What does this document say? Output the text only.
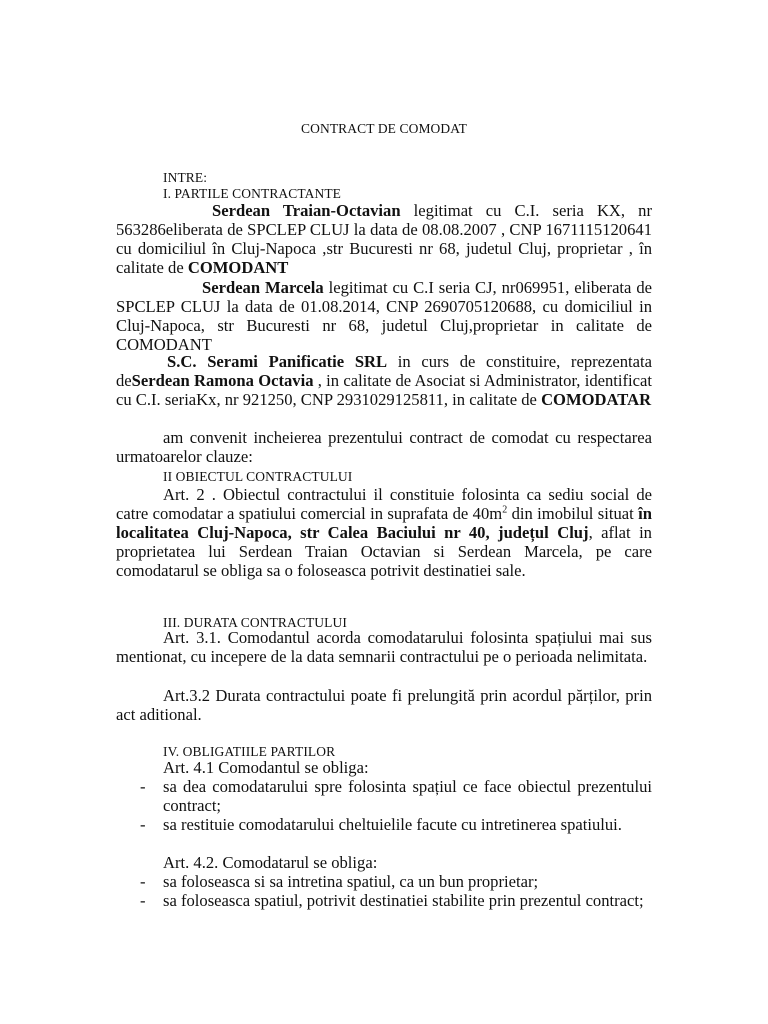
CONTRACT DE COMODAT
INTRE:
I. PARTILE CONTRACTANTE
Serdean Traian-Octavian legitimat cu C.I. seria KX, nr 563286eliberata de SPCLEP CLUJ la data de 08.08.2007 , CNP 1671115120641 cu domiciliul în Cluj-Napoca ,str Bucuresti nr 68, judetul Cluj, proprietar , în calitate de COMODANT
Serdean Marcela legitimat cu C.I seria CJ, nr069951, eliberata de SPCLEP CLUJ la data de 01.08.2014, CNP 2690705120688, cu domiciliul in Cluj-Napoca, str Bucuresti nr 68, judetul Cluj,proprietar in calitate de COMODANT
S.C. Serami Panificatie SRL in curs de constituire, reprezentata deSerdean Ramona Octavia , in calitate de Asociat si Administrator, identificat cu C.I. seriaKx, nr 921250, CNP 2931029125811, in calitate de COMODATAR
am convenit incheierea prezentului contract de comodat cu respectarea urmatoarelor clauze:
II OBIECTUL CONTRACTULUI
Art. 2 . Obiectul contractului il constituie folosinta ca sediu social de catre comodatar a spatiului comercial in suprafata de $40m^2$ din imobilul situat în localitatea Cluj-Napoca, str Calea Baciului nr 40, județul Cluj, aflat in proprietatea lui Serdean Traian Octavian si Serdean Marcela, pe care comodatarul se obliga sa o foloseasca potrivit destinatiei sale.
III. DURATA CONTRACTULUI
Art. 3.1. Comodantul acorda comodatarului folosinta spațiului mai sus mentionat, cu incepere de la data semnarii contractului pe o perioada nelimitata.
Art.3.2 Durata contractului poate fi prelungită prin acordul părților, prin act aditional.
IV. OBLIGATIILE PARTILOR
Art. 4.1 Comodantul se obliga:
- sa dea comodatarului spre folosinta spațiul ce face obiectul prezentului contract;
- sa restituie comodatarului cheltuielile facute cu intretinerea spatiului.
Art. 4.2. Comodatarul se obliga:
- sa foloseasca si sa intretina spatiul, ca un bun proprietar;
- sa foloseasca spatiul, potrivit destinatiei stabilite prin prezentul contract;
